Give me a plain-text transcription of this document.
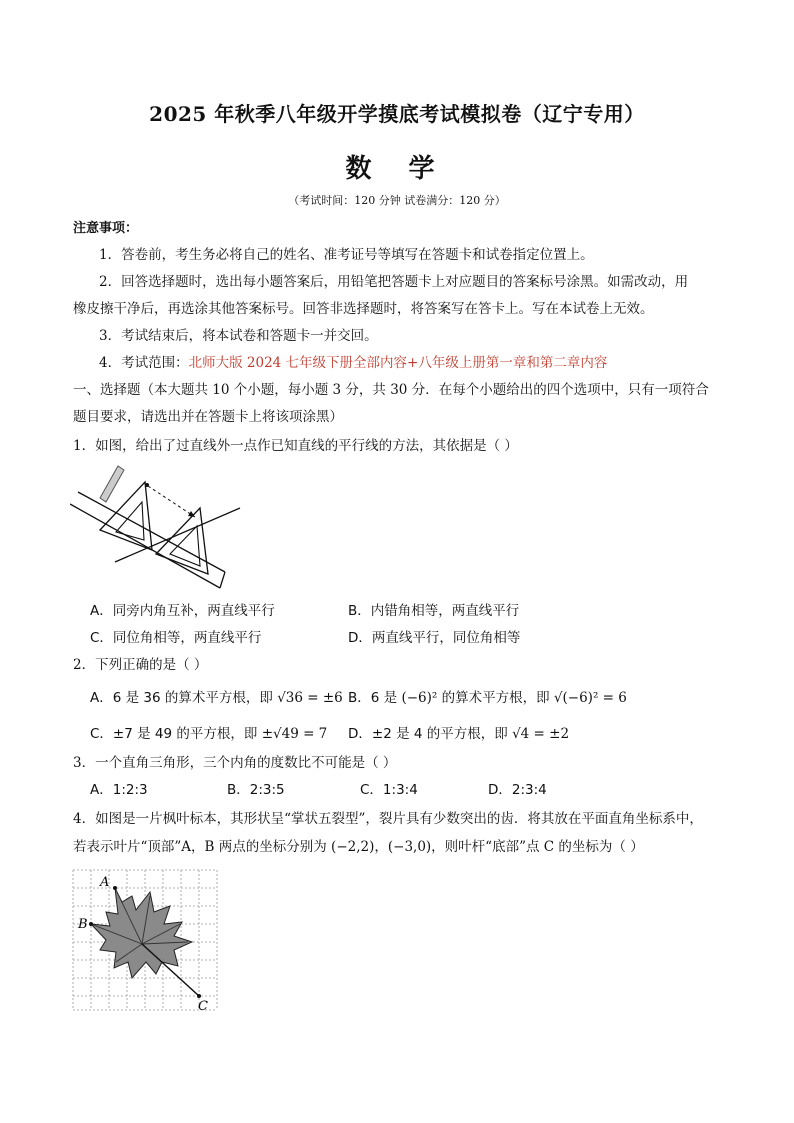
2025 年秋季八年级开学摸底考试模拟卷（辽宁专用）
数 学
（考试时间：120 分钟 试卷满分：120 分）
注意事项：
1．答卷前，考生务必将自己的姓名、准考证号等填写在答题卡和试卷指定位置上。
2．回答选择题时，选出每小题答案后，用铅笔把答题卡上对应题目的答案标号涂黑。如需改动，用
橡皮擦干净后，再选涂其他答案标号。回答非选择题时，将答案写在答卡上。写在本试卷上无效。
3．考试结束后，将本试卷和答题卡一并交回。
4．考试范围：北师大版 2024 七年级下册全部内容+八年级上册第一章和第二章内容
一、选择题（本大题共 10 个小题，每小题 3 分，共 30 分．在每个小题给出的四个选项中，只有一项符合
题目要求，请选出并在答题卡上将该项涂黑）
1．如图，给出了过直线外一点作已知直线的平行线的方法，其依据是（ ）
A．同旁内角互补，两直线平行	B．内错角相等，两直线平行
C．同位角相等，两直线平行	D．两直线平行，同位角相等
2．下列正确的是（ ）
A．6 是 36 的算术平方根，即 √36 = ±6 B．6 是 (−6)² 的算术平方根，即 √(−6)² = 6
C．±7 是 49 的平方根，即 ±√49 = 7 D．±2 是 4 的平方根，即 √4 = ±2
3．一个直角三角形，三个内角的度数比不可能是（ ）
A．1:2:3	B．2:3:5	C．1:3:4	D．2:3:4
4．如图是一片枫叶标本，其形状呈“掌状五裂型”，裂片具有少数突出的齿．将其放在平面直角坐标系中，
若表示叶片“顶部”A，B 两点的坐标分别为 (−2,2)，(−3,0)，则叶杆“底部”点 C 的坐标为（ ）
A
B
C
